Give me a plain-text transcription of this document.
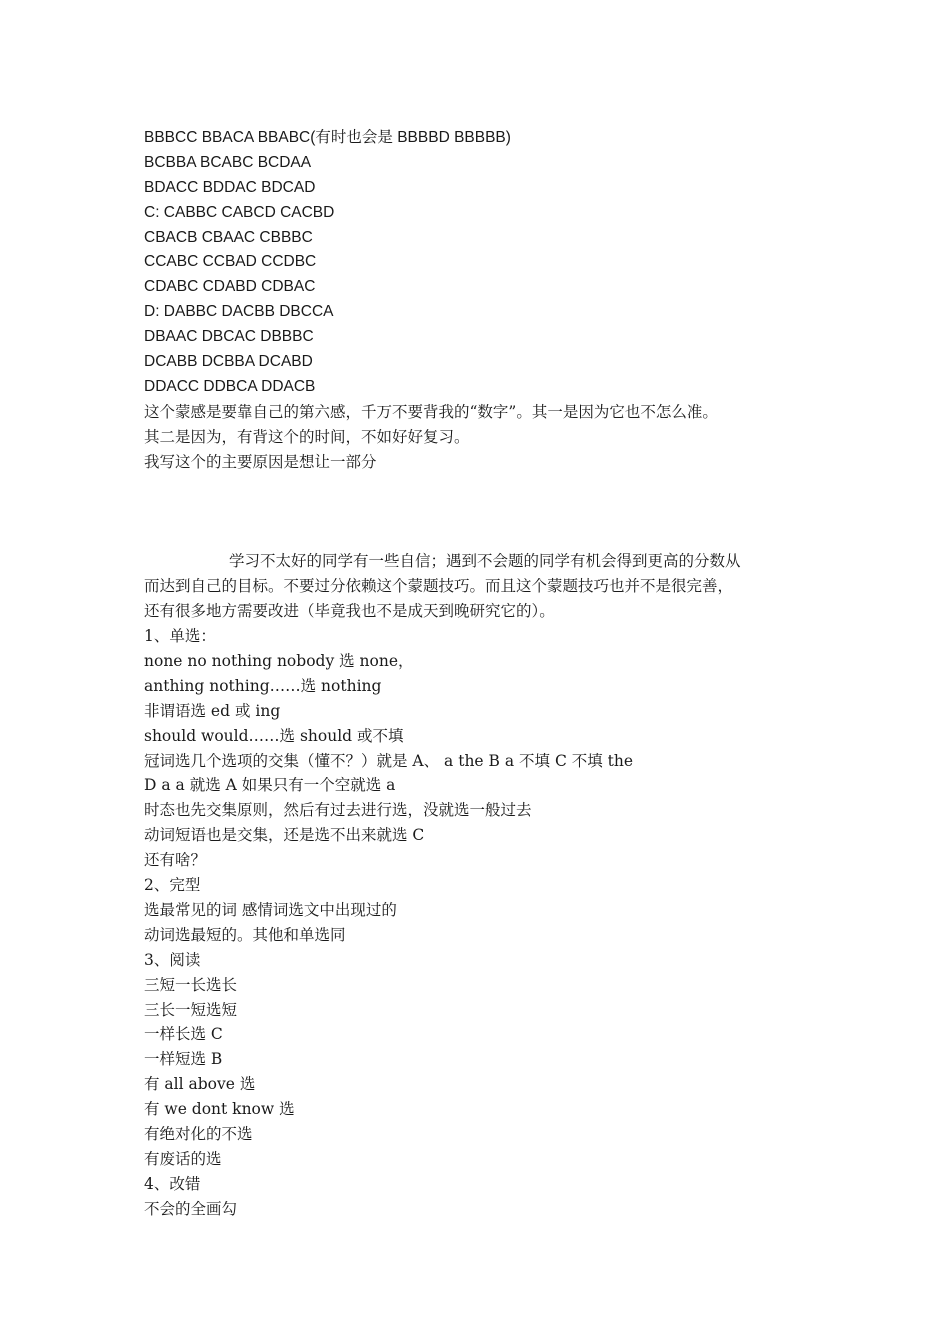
BBBCC BBACA BBABC(有时也会是 BBBBD BBBBB)
BCBBA BCABC BCDAA
BDACC BDDAC BDCAD
C: CABBC CABCD CACBD
CBACB CBAAC CBBBC
CCABC CCBAD CCDBC
CDABC CDABD CDBAC
D: DABBC DACBB DBCCA
DBAAC DBCAC DBBBC
DCABB DCBBA DCABD
DDACC DDBCA DDACB
这个蒙感是要靠自己的第六感，千万不要背我的“数字”。其一是因为它也不怎么准。
其二是因为，有背这个的时间，不如好好复习。
我写这个的主要原因是想让一部分
学习不太好的同学有一些自信；遇到不会题的同学有机会得到更高的分数从
而达到自己的目标。不要过分依赖这个蒙题技巧。而且这个蒙题技巧也并不是很完善，
还有很多地方需要改进（毕竟我也不是成天到晚研究它的）。
1、单选：
none no nothing nobody 选 none，
anthing nothing……选 nothing
非谓语选 ed 或 ing
should would……选 should 或不填
冠词选几个选项的交集（懂不？）就是 A、 a the B a 不填 C 不填 the
D a a 就选 A 如果只有一个空就选 a
时态也先交集原则，然后有过去进行选，没就选一般过去
动词短语也是交集，还是选不出来就选 C
还有啥？
2、完型
选最常见的词 感情词选文中出现过的
动词选最短的。其他和单选同
3、阅读
三短一长选长
三长一短选短
一样长选 C
一样短选 B
有 all above 选
有 we dont know 选
有绝对化的不选
有废话的选
4、改错
不会的全画勾
